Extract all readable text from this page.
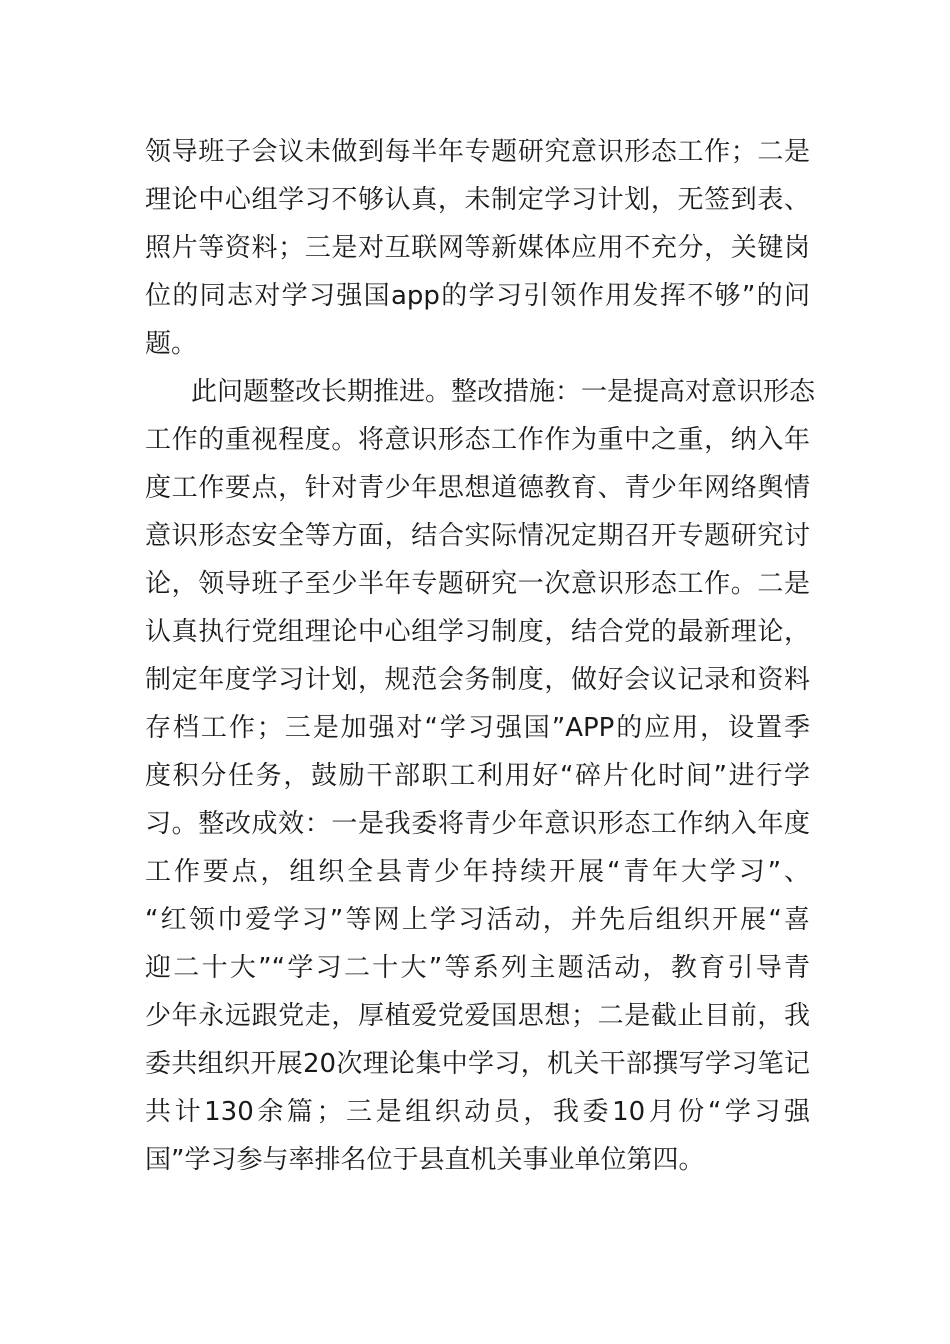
领导班子会议未做到每半年专题研究意识形态工作；二是
理论中心组学习不够认真，未制定学习计划，无签到表、
照片等资料；三是对互联网等新媒体应用不充分，关键岗
位的同志对学习强国app的学习引领作用发挥不够”的问
题。
此问题整改长期推进。整改措施：一是提高对意识形态
工作的重视程度。将意识形态工作作为重中之重，纳入年
度工作要点，针对青少年思想道德教育、青少年网络舆情
意识形态安全等方面，结合实际情况定期召开专题研究讨
论，领导班子至少半年专题研究一次意识形态工作。二是
认真执行党组理论中心组学习制度，结合党的最新理论，
制定年度学习计划，规范会务制度，做好会议记录和资料
存档工作；三是加强对“学习强国”APP的应用，设置季
度积分任务，鼓励干部职工利用好“碎片化时间”进行学
习。整改成效：一是我委将青少年意识形态工作纳入年度
工作要点，组织全县青少年持续开展“青年大学习”、
“红领巾爱学习”等网上学习活动，并先后组织开展“喜
迎二十大”“学习二十大”等系列主题活动，教育引导青
少年永远跟党走，厚植爱党爱国思想；二是截止目前，我
委共组织开展20次理论集中学习，机关干部撰写学习笔记
共计130余篇；三是组织动员，我委10月份“学习强
国”学习参与率排名位于县直机关事业单位第四。
